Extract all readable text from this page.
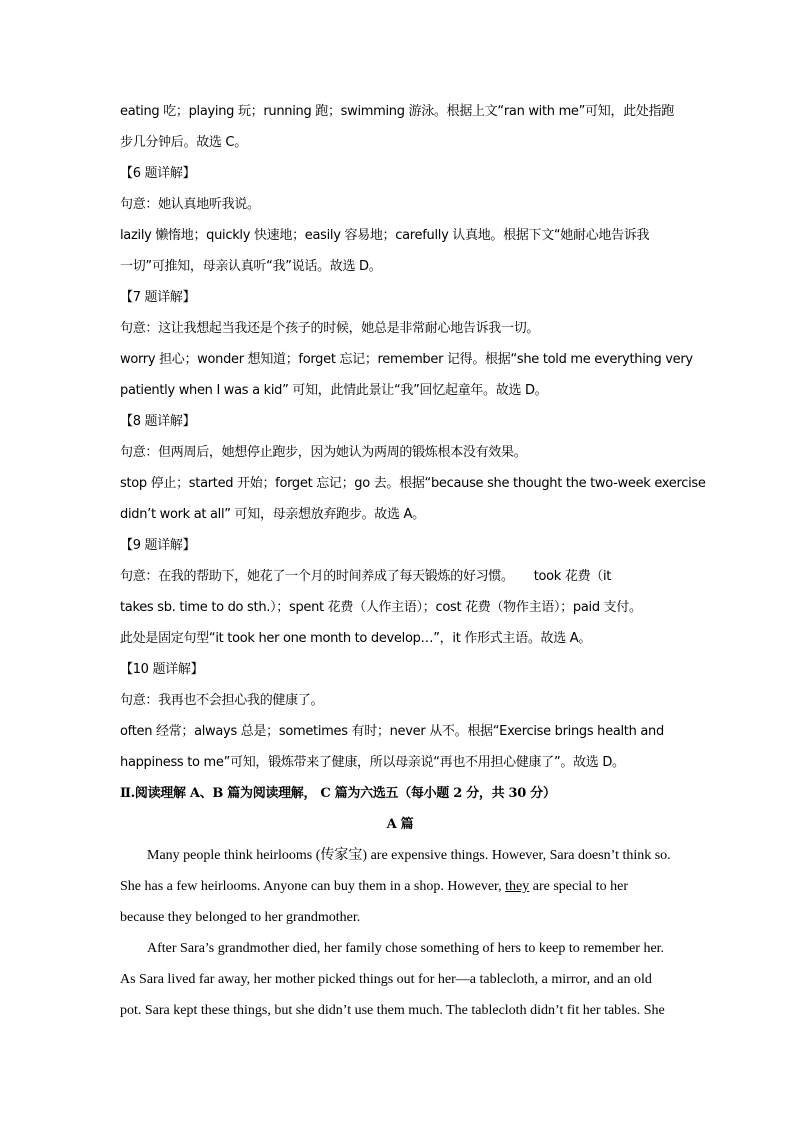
eating 吃；playing 玩；running 跑；swimming 游泳。根据上文“ran with me”可知，此处指跑
步几分钟后。故选 C。
【6 题详解】
句意：她认真地听我说。
lazily 懒惰地；quickly 快速地；easily 容易地；carefully 认真地。根据下文“她耐心地告诉我
一切”可推知，母亲认真听“我”说话。故选 D。
【7 题详解】
句意：这让我想起当我还是个孩子的时候，她总是非常耐心地告诉我一切。
worry 担心；wonder 想知道；forget 忘记；remember 记得。根据“she told me everything very
patiently when I was a kid” 可知，此情此景让“我”回忆起童年。故选 D。
【8 题详解】
句意：但两周后，她想停止跑步，因为她认为两周的锻炼根本没有效果。
stop 停止；started 开始；forget 忘记；go 去。根据“because she thought the two-week exercise
didn’t work at all” 可知，母亲想放弃跑步。故选 A。
【9 题详解】
句意：在我的帮助下，她花了一个月的时间养成了每天锻炼的好习惯。 took 花费（it
takes sb. time to do sth.）；spent 花费（人作主语）；cost 花费（物作主语）；paid 支付。
此处是固定句型“it took her one month to develop…”，it 作形式主语。故选 A。
【10 题详解】
句意：我再也不会担心我的健康了。
often 经常；always 总是；sometimes 有时；never 从不。根据“Exercise brings health and
happiness to me”可知，锻炼带来了健康，所以母亲说“再也不用担心健康了”。故选 D。
Ⅱ.阅读理解 A、B 篇为阅读理解， C 篇为六选五（每小题 2 分，共 30 分）
A 篇
Many people think heirlooms (传家宝) are expensive things. However, Sara doesn’t think so.
She has a few heirlooms. Anyone can buy them in a shop. However, they are special to her
because they belonged to her grandmother.
After Sara’s grandmother died, her family chose something of hers to keep to remember her.
As Sara lived far away, her mother picked things out for her—a tablecloth, a mirror, and an old
pot. Sara kept these things, but she didn’t use them much. The tablecloth didn’t fit her tables. She
